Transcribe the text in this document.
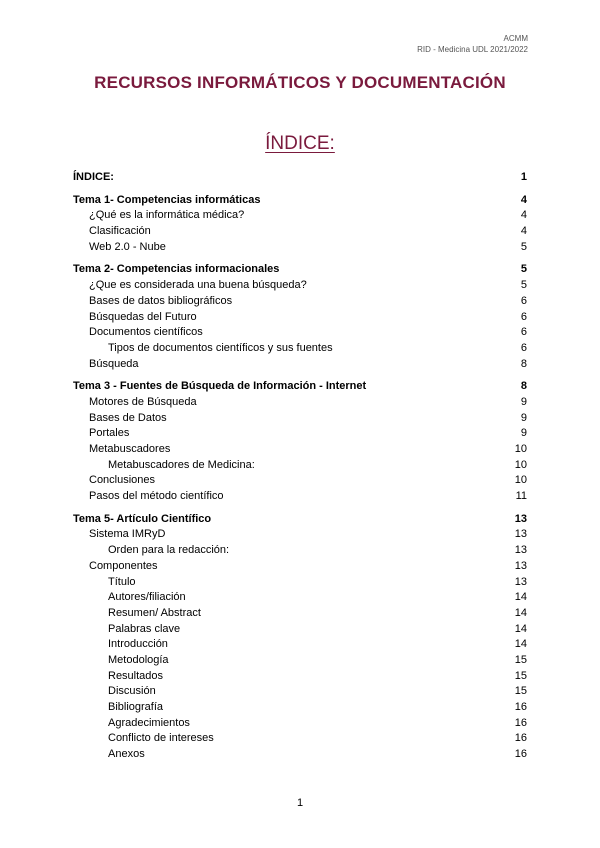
ACMM
RID - Medicina UDL 2021/2022
RECURSOS INFORMÁTICOS Y DOCUMENTACIÓN
ÍNDICE:
ÍNDICE:	1
Tema 1- Competencias informáticas	4
¿Qué es la informática médica?	4
Clasificación	4
Web 2.0 - Nube	5
Tema 2- Competencias informacionales	5
¿Que es considerada una buena búsqueda?	5
Bases de datos bibliográficos	6
Búsquedas del Futuro	6
Documentos científicos	6
Tipos de documentos científicos y sus fuentes	6
Búsqueda	8
Tema 3 - Fuentes de Búsqueda de Información - Internet	8
Motores de Búsqueda	9
Bases de Datos	9
Portales	9
Metabuscadores	10
Metabuscadores de Medicina:	10
Conclusiones	10
Pasos del método científico	11
Tema 5- Artículo Científico	13
Sistema IMRyD	13
Orden para la redacción:	13
Componentes	13
Título	13
Autores/filiación	14
Resumen/ Abstract	14
Palabras clave	14
Introducción	14
Metodología	15
Resultados	15
Discusión	15
Bibliografía	16
Agradecimientos	16
Conflicto de intereses	16
Anexos	16
1
